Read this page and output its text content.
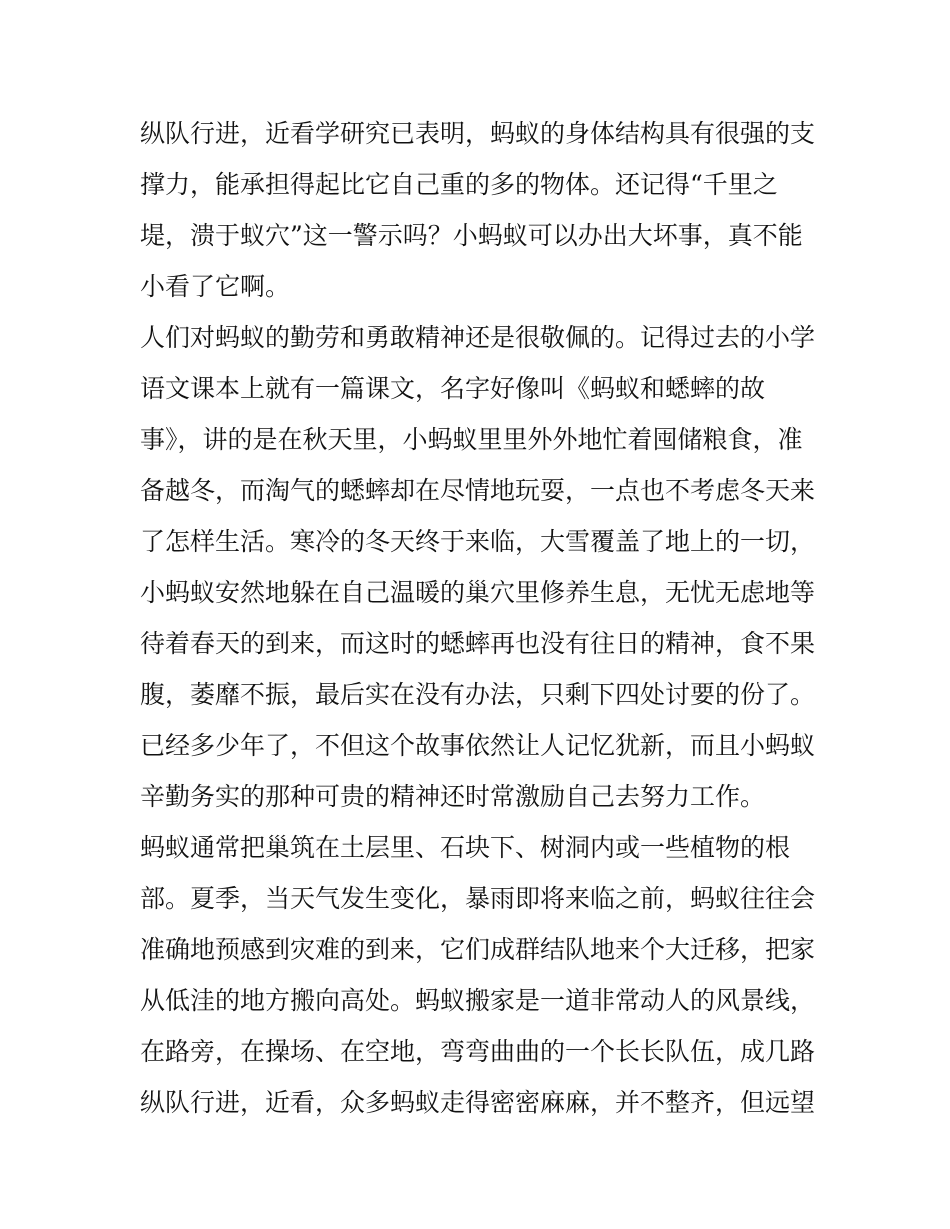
纵队行进，近看学研究已表明，蚂蚁的身体结构具有很强的支
撑力，能承担得起比它自己重的多的物体。还记得“千里之
堤，溃于蚁穴”这一警示吗？小蚂蚁可以办出大坏事，真不能
小看了它啊。
人们对蚂蚁的勤劳和勇敢精神还是很敬佩的。记得过去的小学
语文课本上就有一篇课文，名字好像叫《蚂蚁和蟋蟀的故
事》，讲的是在秋天里，小蚂蚁里里外外地忙着囤储粮食，准
备越冬，而淘气的蟋蟀却在尽情地玩耍，一点也不考虑冬天来
了怎样生活。寒冷的冬天终于来临，大雪覆盖了地上的一切，
小蚂蚁安然地躲在自己温暖的巢穴里修养生息，无忧无虑地等
待着春天的到来，而这时的蟋蟀再也没有往日的精神，食不果
腹，萎靡不振，最后实在没有办法，只剩下四处讨要的份了。
已经多少年了，不但这个故事依然让人记忆犹新，而且小蚂蚁
辛勤务实的那种可贵的精神还时常激励自己去努力工作。
蚂蚁通常把巢筑在土层里、石块下、树洞内或一些植物的根
部。夏季，当天气发生变化，暴雨即将来临之前，蚂蚁往往会
准确地预感到灾难的到来，它们成群结队地来个大迁移，把家
从低洼的地方搬向高处。蚂蚁搬家是一道非常动人的风景线，
在路旁，在操场、在空地，弯弯曲曲的一个长长队伍，成几路
纵队行进，近看，众多蚂蚁走得密密麻麻，并不整齐，但远望
